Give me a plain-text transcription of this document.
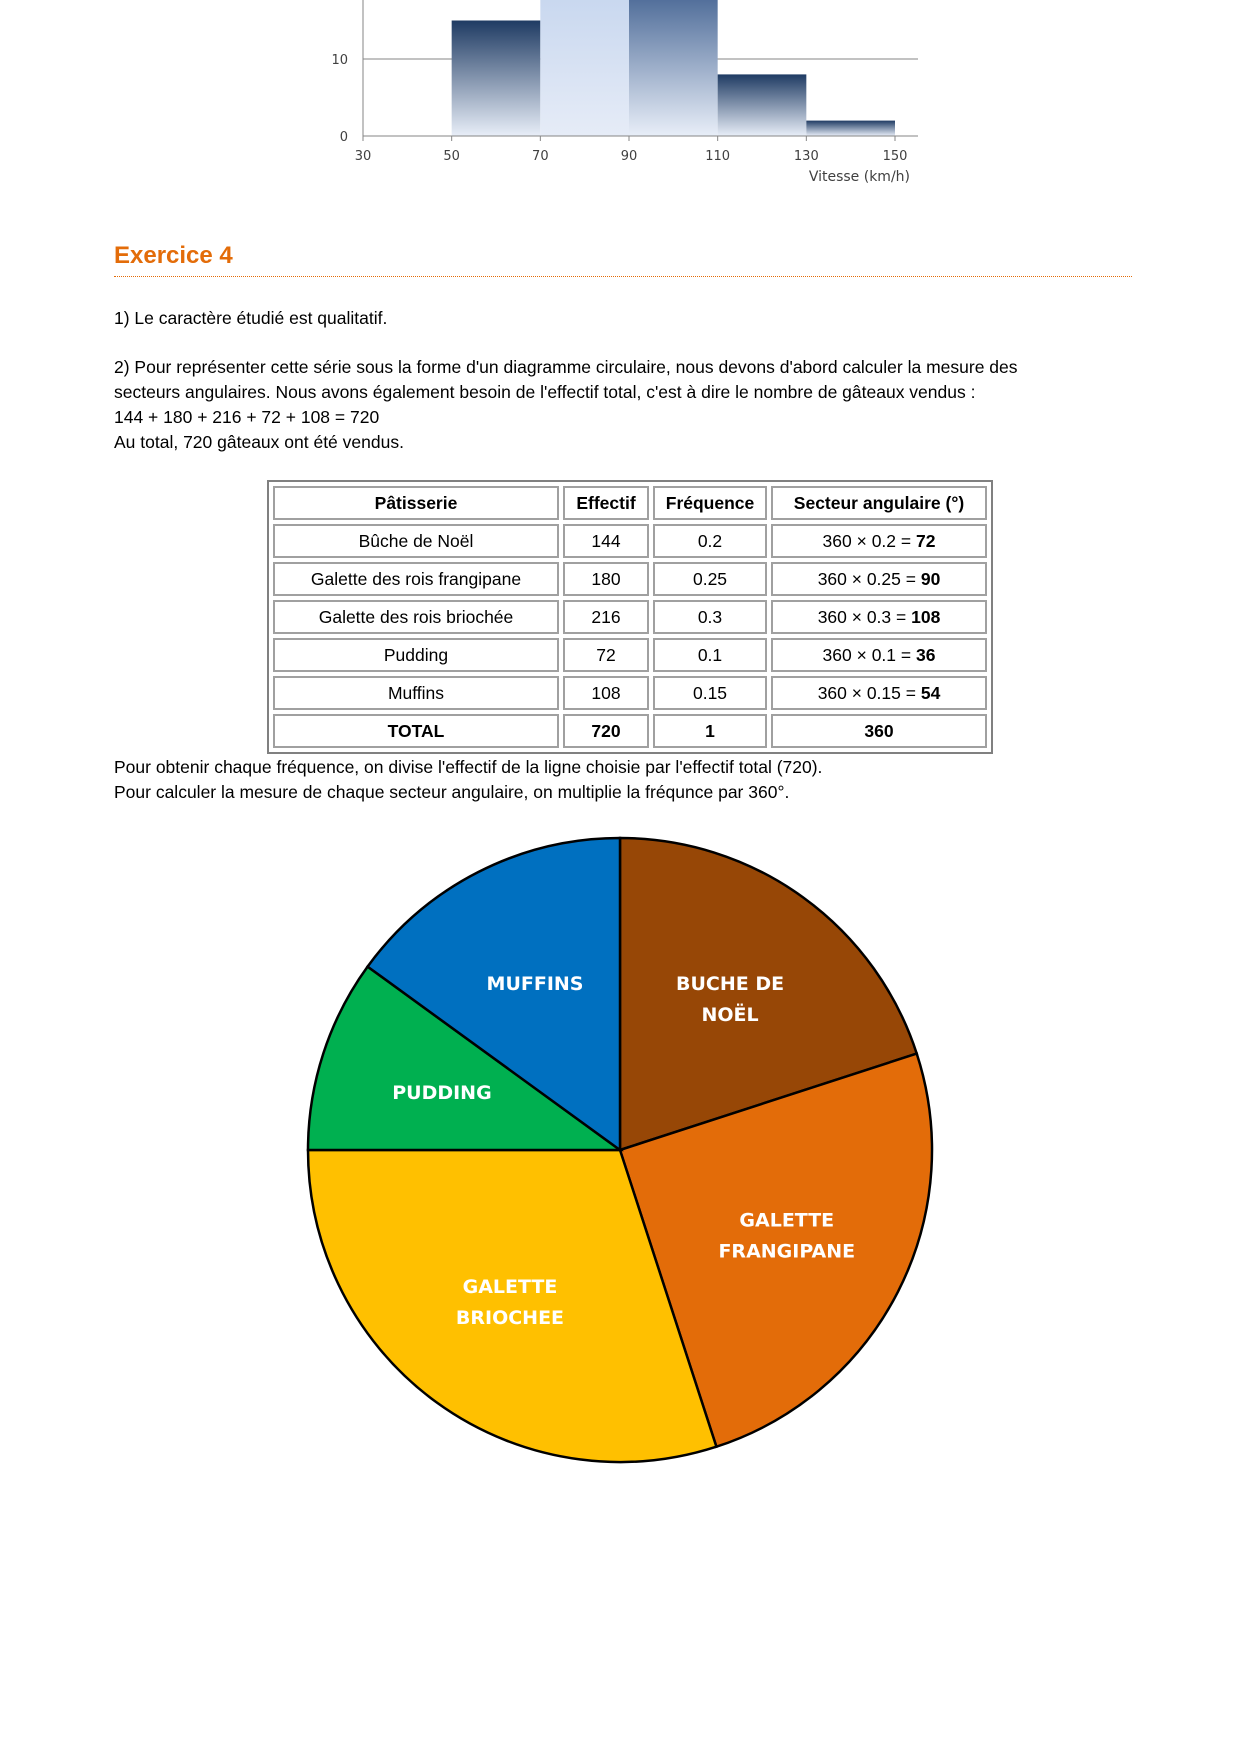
0
10
30	50	70	90	110	130	150
Vitesse (km/h)
Exercice 4

1) Le caractère étudié est qualitatif.

2) Pour représenter cette série sous la forme d'un diagramme circulaire, nous devons d'abord calculer la mesure des
secteurs angulaires. Nous avons également besoin de l'effectif total, c'est à dire le nombre de gâteaux vendus :
144 + 180 + 216 + 72 + 108 = 720
Au total, 720 gâteaux ont été vendus.

Pâtisserie	Effectif	Fréquence	Secteur angulaire (°)
Bûche de Noël	144	0.2	360 × 0.2 = 72
Galette des rois frangipane	180	0.25	360 × 0.25 = 90
Galette des rois briochée	216	0.3	360 × 0.3 = 108
Pudding	72	0.1	360 × 0.1 = 36
Muffins	108	0.15	360 × 0.15 = 54
TOTAL	720	1	360

Pour obtenir chaque fréquence, on divise l'effectif de la ligne choisie par l'effectif total (720).
Pour calculer la mesure de chaque secteur angulaire, on multiplie la fréqunce par 360°.

BUCHE DE
NOËL
GALETTE
FRANGIPANE
GALETTE
BRIOCHEE
PUDDING
MUFFINS
